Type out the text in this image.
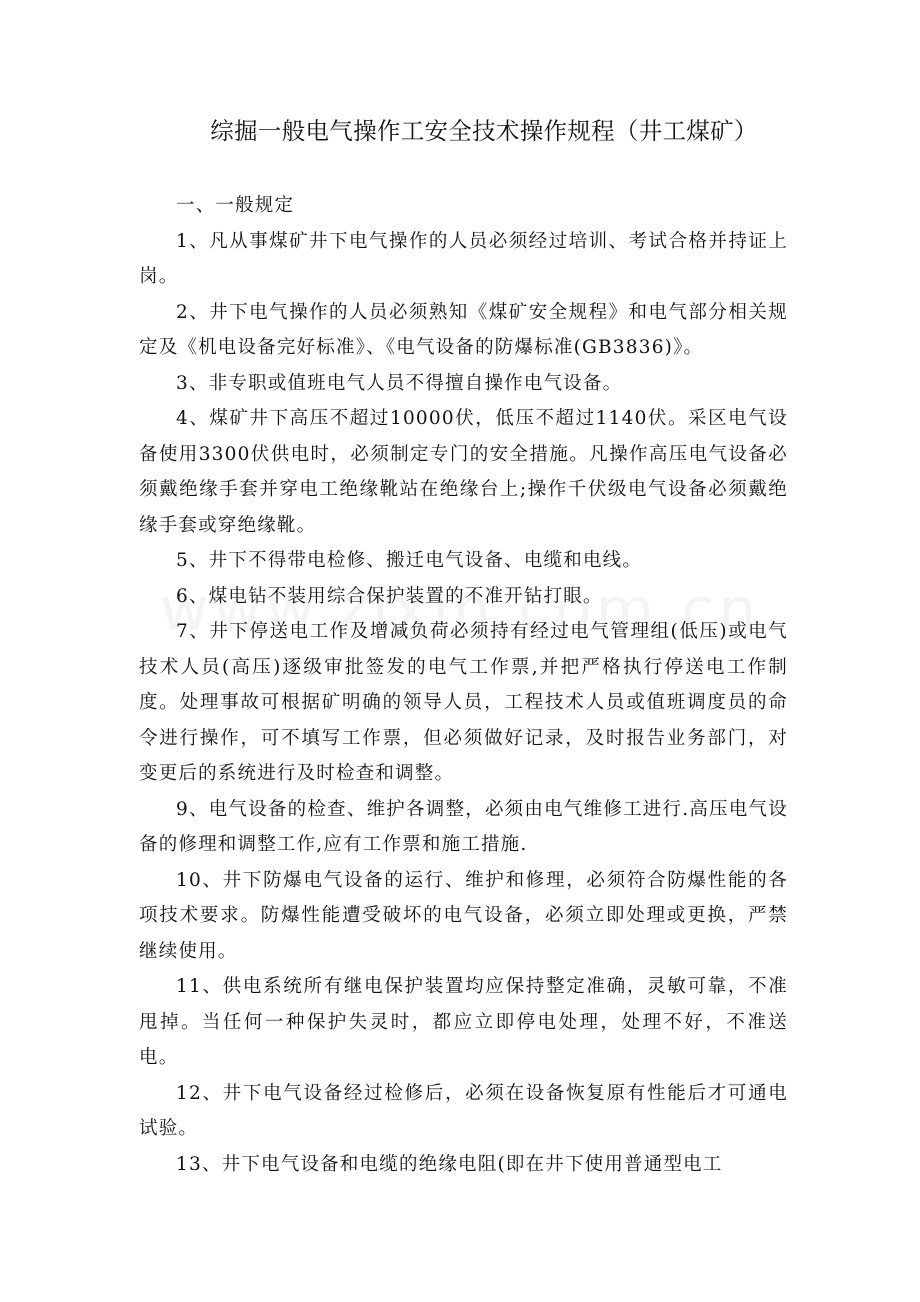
综掘一般电气操作工安全技术操作规程（井工煤矿）

一、一般规定

1、凡从事煤矿井下电气操作的人员必须经过培训、考试合格并持证上岗。

2、井下电气操作的人员必须熟知《煤矿安全规程》和电气部分相关规定及《机电设备完好标准》、《电气设备的防爆标准(GB3836)》。

3、非专职或值班电气人员不得擅自操作电气设备。

4、煤矿井下高压不超过10000伏，低压不超过1140伏。采区电气设备使用3300伏供电时，必须制定专门的安全措施。凡操作高压电气设备必须戴绝缘手套并穿电工绝缘靴站在绝缘台上;操作千伏级电气设备必须戴绝缘手套或穿绝缘靴。

5、井下不得带电检修、搬迁电气设备、电缆和电线。

6、煤电钻不装用综合保护装置的不准开钻打眼。

7、井下停送电工作及增减负荷必须持有经过电气管理组(低压)或电气技术人员(高压)逐级审批签发的电气工作票,并把严格执行停送电工作制度。处理事故可根据矿明确的领导人员，工程技术人员或值班调度员的命令进行操作，可不填写工作票，但必须做好记录，及时报告业务部门，对变更后的系统进行及时检查和调整。

9、电气设备的检查、维护各调整，必须由电气维修工进行.高压电气设备的修理和调整工作,应有工作票和施工措施.

10、井下防爆电气设备的运行、维护和修理，必须符合防爆性能的各项技术要求。防爆性能遭受破坏的电气设备，必须立即处理或更换，严禁继续使用。

11、供电系统所有继电保护装置均应保持整定准确，灵敏可靠，不准甩掉。当任何一种保护失灵时，都应立即停电处理，处理不好，不准送电。

12、井下电气设备经过检修后，必须在设备恢复原有性能后才可通电试验。

13、井下电气设备和电缆的绝缘电阻(即在井下使用普通型电工
